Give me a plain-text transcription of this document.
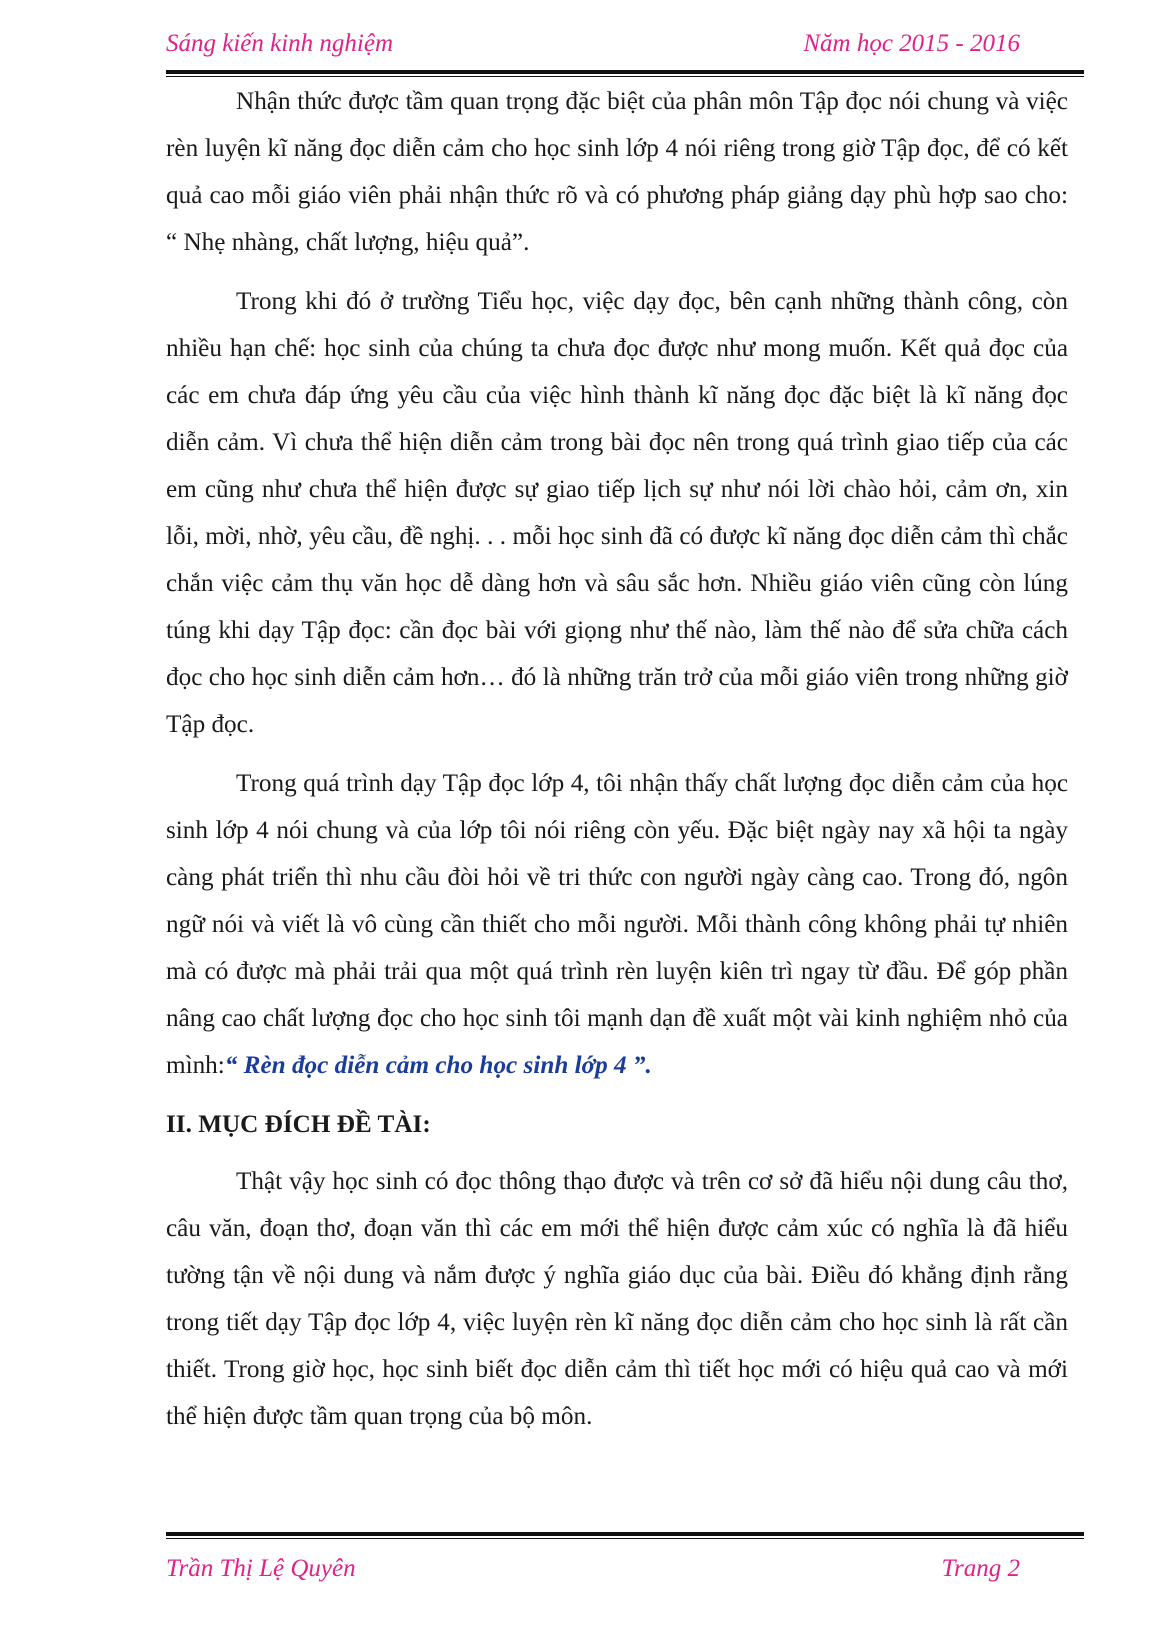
Sáng kiến kinh nghiệm	Năm học 2015 - 2016

Nhận thức được tầm quan trọng đặc biệt của phân môn Tập đọc nói chung và việc rèn luyện kĩ năng đọc diễn cảm cho học sinh lớp 4 nói riêng trong giờ Tập đọc, để có kết quả cao mỗi giáo viên phải nhận thức rõ và có phương pháp giảng dạy phù hợp sao cho: “ Nhẹ nhàng, chất lượng, hiệu quả”.

Trong khi đó ở trường Tiểu học, việc dạy đọc, bên cạnh những thành công, còn nhiều hạn chế: học sinh của chúng ta chưa đọc được như mong muốn. Kết quả đọc của các em chưa đáp ứng yêu cầu của việc hình thành kĩ năng đọc đặc biệt là kĩ năng đọc diễn cảm. Vì chưa thể hiện diễn cảm trong bài đọc nên trong quá trình giao tiếp của các em cũng như chưa thể hiện được sự giao tiếp lịch sự như nói lời chào hỏi, cảm ơn, xin lỗi, mời, nhờ, yêu cầu, đề nghị. . . mỗi học sinh đã có được kĩ năng đọc diễn cảm thì chắc chắn việc cảm thụ văn học dễ dàng hơn và sâu sắc hơn. Nhiều giáo viên cũng còn lúng túng khi dạy Tập đọc: cần đọc bài với giọng như thế nào, làm thế nào để sửa chữa cách đọc cho học sinh diễn cảm hơn… đó là những trăn trở của mỗi giáo viên trong những giờ Tập đọc.

Trong quá trình dạy Tập đọc lớp 4, tôi nhận thấy chất lượng đọc diễn cảm của học sinh lớp 4 nói chung và của lớp tôi nói riêng còn yếu. Đặc biệt ngày nay xã hội ta ngày càng phát triển thì nhu cầu đòi hỏi về tri thức con người ngày càng cao. Trong đó, ngôn ngữ nói và viết là vô cùng cần thiết cho mỗi người. Mỗi thành công không phải tự nhiên mà có được mà phải trải qua một quá trình rèn luyện kiên trì ngay từ đầu. Để góp phần nâng cao chất lượng đọc cho học sinh tôi mạnh dạn đề xuất một vài kinh nghiệm nhỏ của mình:“ Rèn đọc diễn cảm cho học sinh lớp 4 ”.

II. MỤC ĐÍCH ĐỀ TÀI:

Thật vậy học sinh có đọc thông thạo được và trên cơ sở đã hiểu nội dung câu thơ, câu văn, đoạn thơ, đoạn văn thì các em mới thể hiện được cảm xúc có nghĩa là đã hiểu tường tận về nội dung và nắm được ý nghĩa giáo dục của bài. Điều đó khẳng định rằng trong tiết dạy Tập đọc lớp 4, việc luyện rèn kĩ năng đọc diễn cảm cho học sinh là rất cần thiết. Trong giờ học, học sinh biết đọc diễn cảm thì tiết học mới có hiệu quả cao và mới thể hiện được tầm quan trọng của bộ môn.

Trần Thị Lệ Quyên	Trang 2
